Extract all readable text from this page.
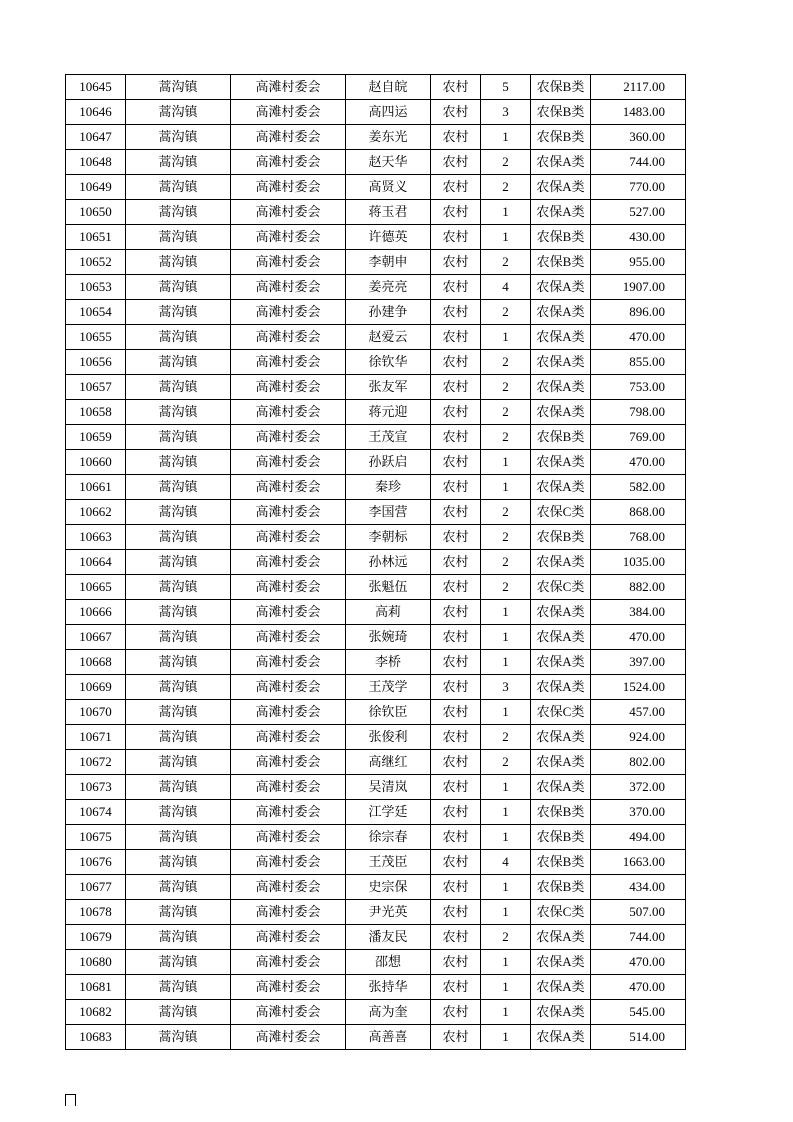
10645	蒿沟镇	高滩村委会	赵自皖	农村	5	农保B类	2117.00
10646	蒿沟镇	高滩村委会	高四运	农村	3	农保B类	1483.00
10647	蒿沟镇	高滩村委会	姜东光	农村	1	农保B类	360.00
10648	蒿沟镇	高滩村委会	赵天华	农村	2	农保A类	744.00
10649	蒿沟镇	高滩村委会	高贤义	农村	2	农保A类	770.00
10650	蒿沟镇	高滩村委会	蒋玉君	农村	1	农保A类	527.00
10651	蒿沟镇	高滩村委会	许德英	农村	1	农保B类	430.00
10652	蒿沟镇	高滩村委会	李朝申	农村	2	农保B类	955.00
10653	蒿沟镇	高滩村委会	姜亮亮	农村	4	农保A类	1907.00
10654	蒿沟镇	高滩村委会	孙建争	农村	2	农保A类	896.00
10655	蒿沟镇	高滩村委会	赵爱云	农村	1	农保A类	470.00
10656	蒿沟镇	高滩村委会	徐钦华	农村	2	农保A类	855.00
10657	蒿沟镇	高滩村委会	张友军	农村	2	农保A类	753.00
10658	蒿沟镇	高滩村委会	蒋元迎	农村	2	农保A类	798.00
10659	蒿沟镇	高滩村委会	王茂宣	农村	2	农保B类	769.00
10660	蒿沟镇	高滩村委会	孙跃启	农村	1	农保A类	470.00
10661	蒿沟镇	高滩村委会	秦珍	农村	1	农保A类	582.00
10662	蒿沟镇	高滩村委会	李国营	农村	2	农保C类	868.00
10663	蒿沟镇	高滩村委会	李朝标	农村	2	农保B类	768.00
10664	蒿沟镇	高滩村委会	孙林远	农村	2	农保A类	1035.00
10665	蒿沟镇	高滩村委会	张魁伍	农村	2	农保C类	882.00
10666	蒿沟镇	高滩村委会	高莉	农村	1	农保A类	384.00
10667	蒿沟镇	高滩村委会	张婉琦	农村	1	农保A类	470.00
10668	蒿沟镇	高滩村委会	李桥	农村	1	农保A类	397.00
10669	蒿沟镇	高滩村委会	王茂学	农村	3	农保A类	1524.00
10670	蒿沟镇	高滩村委会	徐钦臣	农村	1	农保C类	457.00
10671	蒿沟镇	高滩村委会	张俊利	农村	2	农保A类	924.00
10672	蒿沟镇	高滩村委会	高继红	农村	2	农保A类	802.00
10673	蒿沟镇	高滩村委会	吴清岚	农村	1	农保A类	372.00
10674	蒿沟镇	高滩村委会	江学廷	农村	1	农保B类	370.00
10675	蒿沟镇	高滩村委会	徐宗春	农村	1	农保B类	494.00
10676	蒿沟镇	高滩村委会	王茂臣	农村	4	农保B类	1663.00
10677	蒿沟镇	高滩村委会	史宗保	农村	1	农保B类	434.00
10678	蒿沟镇	高滩村委会	尹光英	农村	1	农保C类	507.00
10679	蒿沟镇	高滩村委会	潘友民	农村	2	农保A类	744.00
10680	蒿沟镇	高滩村委会	邵想	农村	1	农保A类	470.00
10681	蒿沟镇	高滩村委会	张持华	农村	1	农保A类	470.00
10682	蒿沟镇	高滩村委会	高为奎	农村	1	农保A类	545.00
10683	蒿沟镇	高滩村委会	高善喜	农村	1	农保A类	514.00
